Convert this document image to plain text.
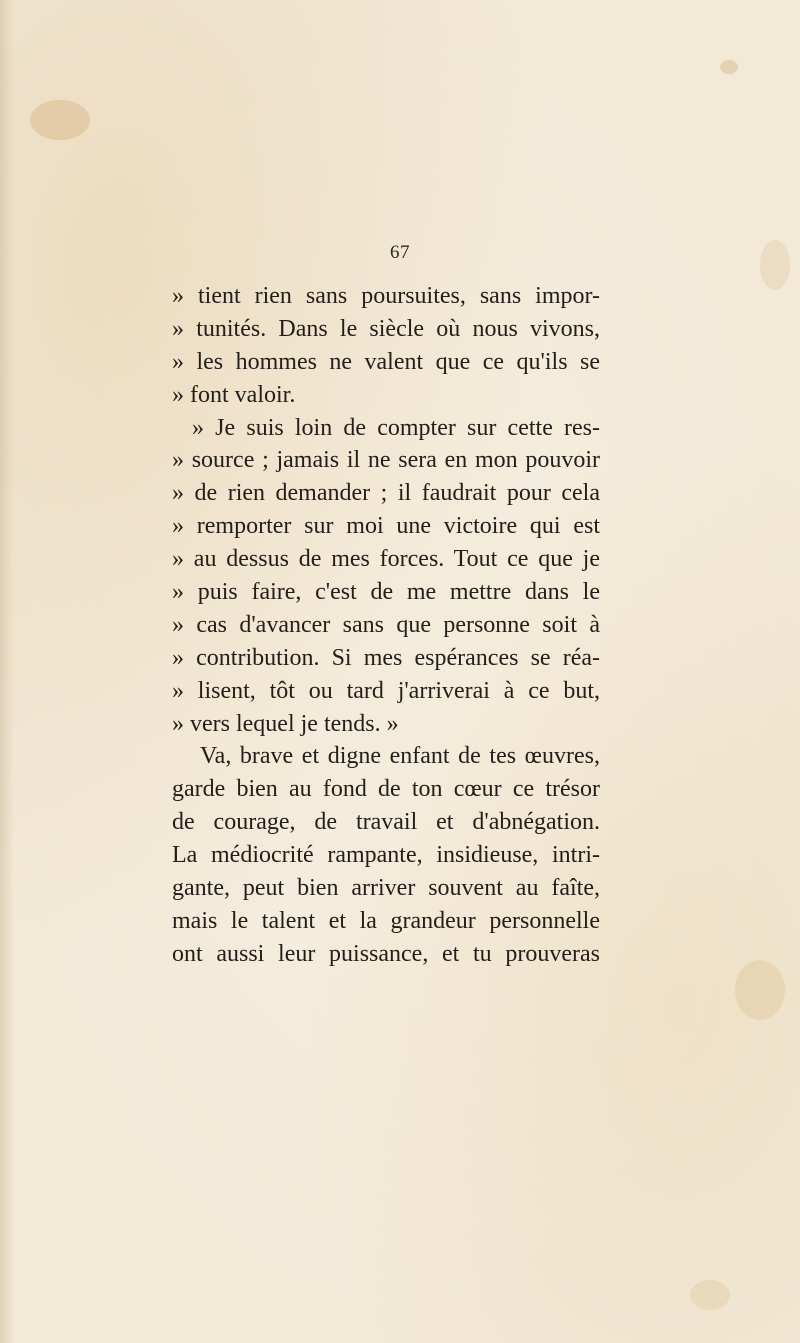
67
» tient rien sans poursuites, sans impor-
» tunités. Dans le siècle où nous vivons,
» les hommes ne valent que ce qu'ils se
» font valoir.
» Je suis loin de compter sur cette res-
» source ; jamais il ne sera en mon pouvoir
» de rien demander ; il faudrait pour cela
» remporter sur moi une victoire qui est
» au dessus de mes forces. Tout ce que je
» puis faire, c'est de me mettre dans le
» cas d'avancer sans que personne soit à
» contribution. Si mes espérances se réa-
» lisent, tôt ou tard j'arriverai à ce but,
» vers lequel je tends. »
Va, brave et digne enfant de tes œuvres,
garde bien au fond de ton cœur ce trésor
de courage, de travail et d'abnégation.
La médiocrité rampante, insidieuse, intri-
gante, peut bien arriver souvent au faîte,
mais le talent et la grandeur personnelle
ont aussi leur puissance, et tu prouveras
